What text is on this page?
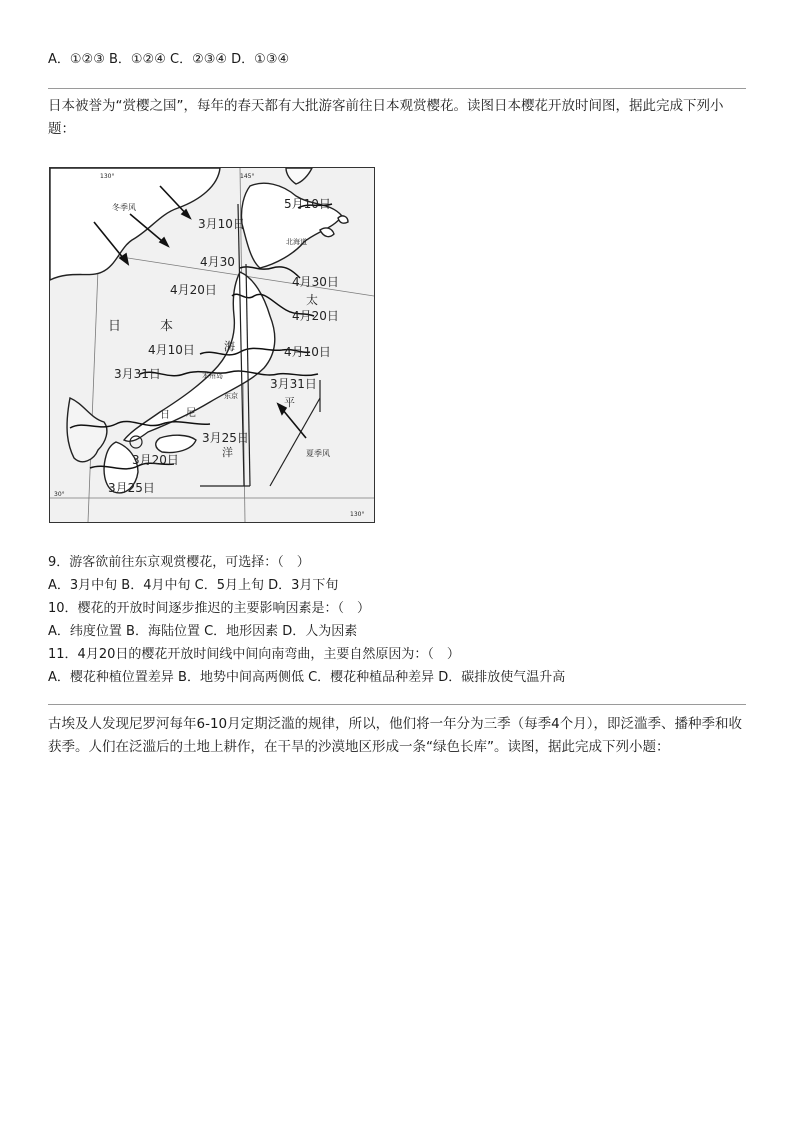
A．①②③ B．①②④ C．②③④ D．①③④
日本被誉为“赏樱之国”，每年的春天都有大批游客前往日本观赏樱花。读图日本樱花开放时间图，据此完成下列小题：
130°	145°
30°
130°
冬季风
夏季风
北海道
本州岛
东京
日	本
海
太
平
洋
日 尼
5月10日
3月10日
4月30
4月30日
4月20日
4月20日
4月10日	4月10日
3月31日
3月31日
3月25日
3月20日
3月25日
9．游客欲前往东京观赏樱花，可选择：（　）
A．3月中旬 B．4月中旬 C．5月上旬 D．3月下旬
10．樱花的开放时间逐步推迟的主要影响因素是：（　）
A．纬度位置 B．海陆位置 C．地形因素 D．人为因素
11．4月20日的樱花开放时间线中间向南弯曲，主要自然原因为：（　）
A．樱花种植位置差异 B．地势中间高两侧低 C．樱花种植品种差异 D．碳排放使气温升高
古埃及人发现尼罗河每年6-10月定期泛滥的规律，所以，他们将一年分为三季（每季4个月），即泛滥季、播种季和收获季。人们在泛滥后的土地上耕作，在干旱的沙漠地区形成一条“绿色长库”。读图，据此完成下列小题：
